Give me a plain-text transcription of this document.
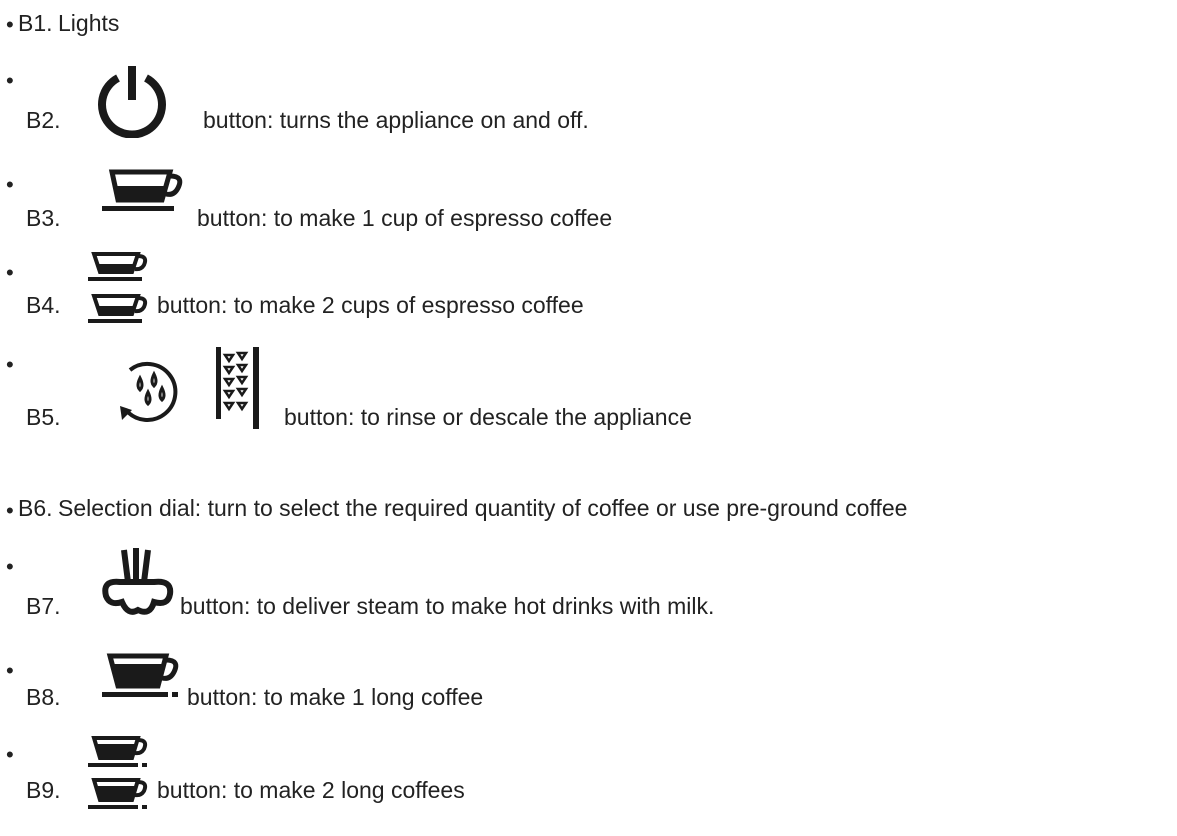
• B1. Lights
•
B2.	button: turns the appliance on and off.
•
B3.	button: to make 1 cup of espresso coffee
•
B4.	button: to make 2 cups of espresso coffee
•
B5.	button: to rinse or descale the appliance
• B6. Selection dial: turn to select the required quantity of coffee or use pre-ground coffee
•
B7.	button: to deliver steam to make hot drinks with milk.
•
B8.	button: to make 1 long coffee
•
B9.	button: to make 2 long coffees
